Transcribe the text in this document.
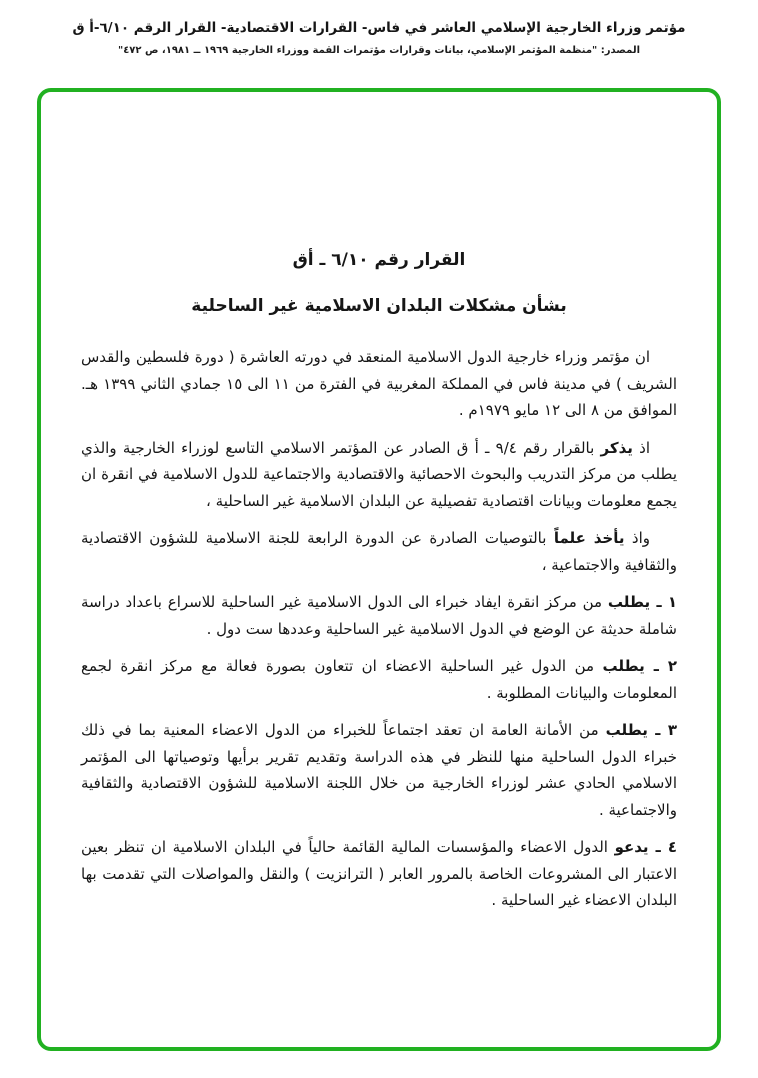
مؤتمر وزراء الخارجية الإسلامي العاشر في فاس- القرارات الاقتصادية- القرار الرقم ٦/١٠-أ ق
المصدر: "منظمة المؤتمر الإسلامي، بيانات وقرارات مؤتمرات القمة ووزراء الخارجية ١٩٦٩ ــ ١٩٨١، ص ٤٧٢"
القرار رقم ٦/١٠ ـ أق
بشأن مشكلات البلدان الاسلامية غير الساحلية

ان مؤتمر وزراء خارجية الدول الاسلامية المنعقد في دورته العاشرة ( دورة فلسطين والقدس الشريف ) في مدينة فاس في المملكة المغربية في الفترة من ١١ الى ١٥ جمادي الثاني ١٣٩٩ هـ. الموافق من ٨ الى ١٢ مايو ١٩٧٩م .

اذ يذكر بالقرار رقم ٩/٤ ـ أ ق الصادر عن المؤتمر الاسلامي التاسع لوزراء الخارجية والذي يطلب من مركز التدريب والبحوث الاحصائية والاقتصادية والاجتماعية للدول الاسلامية في انقرة ان يجمع معلومات وبيانات اقتصادية تفصيلية عن البلدان الاسلامية غير الساحلية ،

واذ يأخذ علماً بالتوصيات الصادرة عن الدورة الرابعة للجنة الاسلامية للشؤون الاقتصادية والثقافية والاجتماعية ،

١ ـ يطلب من مركز انقرة ايفاد خبراء الى الدول الاسلامية غير الساحلية للاسراع باعداد دراسة شاملة حديثة عن الوضع في الدول الاسلامية غير الساحلية وعددها ست دول .

٢ ـ يطلب من الدول غير الساحلية الاعضاء ان تتعاون بصورة فعالة مع مركز انقرة لجمع المعلومات والبيانات المطلوبة .

٣ ـ يطلب من الأمانة العامة ان تعقد اجتماعاً للخبراء من الدول الاعضاء المعنية بما في ذلك خبراء الدول الساحلية منها للنظر في هذه الدراسة وتقديم تقرير برأيها وتوصياتها الى المؤتمر الاسلامي الحادي عشر لوزراء الخارجية من خلال اللجنة الاسلامية للشؤون الاقتصادية والثقافية والاجتماعية .

٤ ـ يدعو الدول الاعضاء والمؤسسات المالية القائمة حالياً في البلدان الاسلامية ان تنظر بعين الاعتبار الى المشروعات الخاصة بالمرور العابر ( الترانزيت ) والنقل والمواصلات التي تقدمت بها البلدان الاعضاء غير الساحلية .
